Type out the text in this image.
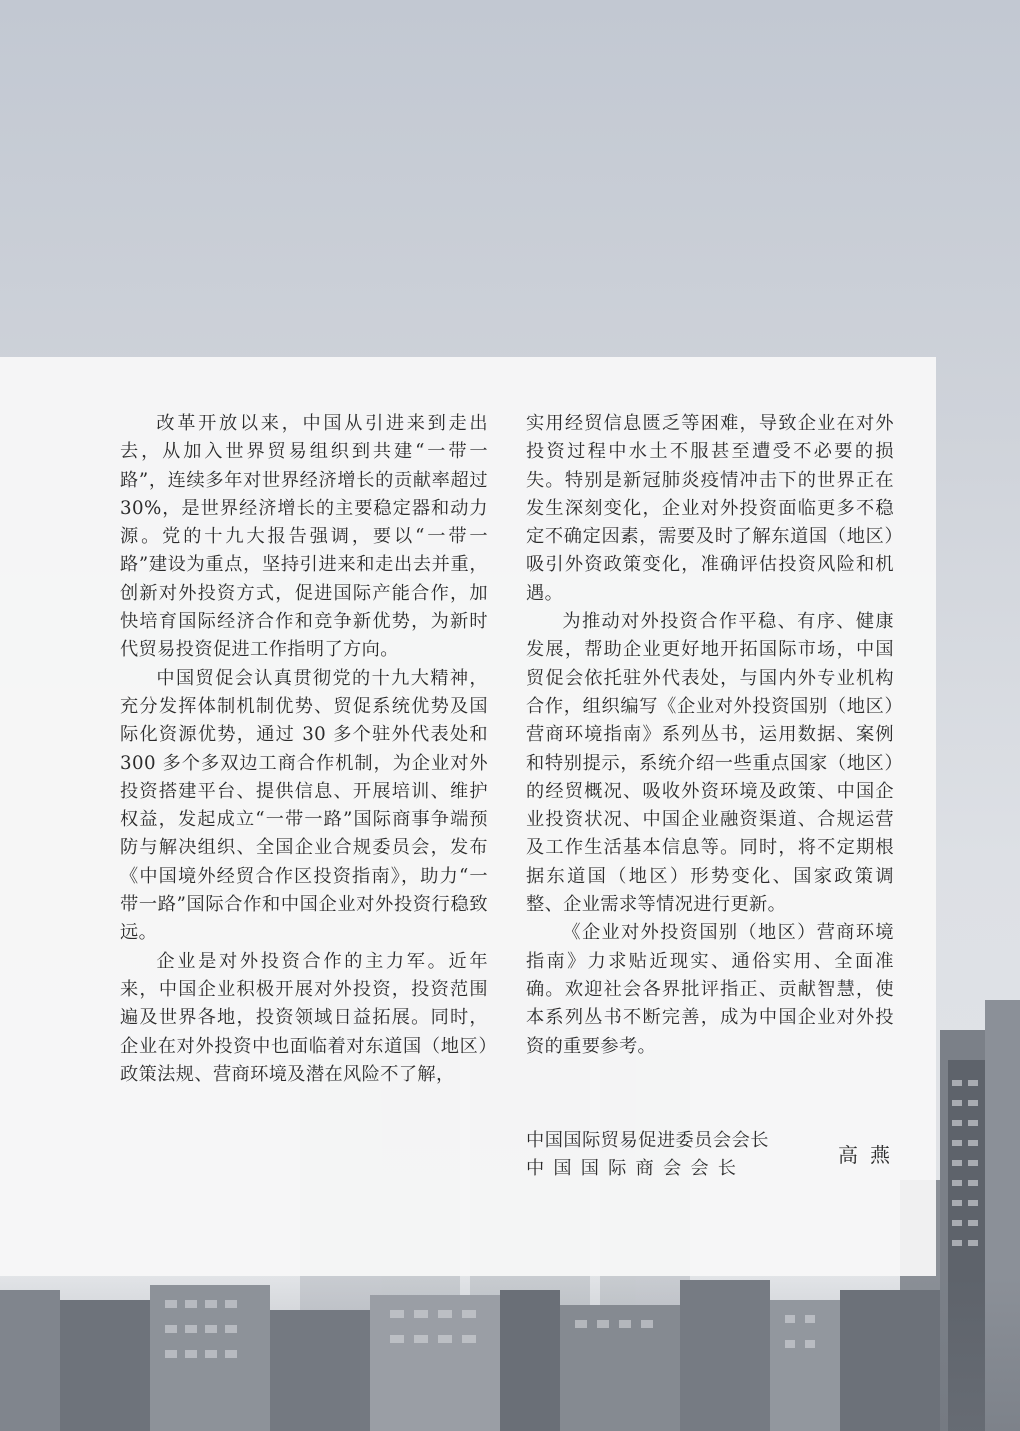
改革开放以来，中国从引进来到走出去，从加入世界贸易组织到共建“一带一路”，连续多年对世界经济增长的贡献率超过 30%，是世界经济增长的主要稳定器和动力源。党的十九大报告强调，要以“一带一路”建设为重点，坚持引进来和走出去并重，创新对外投资方式，促进国际产能合作，加快培育国际经济合作和竞争新优势，为新时代贸易投资促进工作指明了方向。

中国贸促会认真贯彻党的十九大精神，充分发挥体制机制优势、贸促系统优势及国际化资源优势，通过 30 多个驻外代表处和 300 多个多双边工商合作机制，为企业对外投资搭建平台、提供信息、开展培训、维护权益，发起成立“一带一路”国际商事争端预防与解决组织、全国企业合规委员会，发布《中国境外经贸合作区投资指南》，助力“一带一路”国际合作和中国企业对外投资行稳致远。

企业是对外投资合作的主力军。近年来，中国企业积极开展对外投资，投资范围遍及世界各地，投资领域日益拓展。同时，企业在对外投资中也面临着对东道国（地区）政策法规、营商环境及潜在风险不了解，

实用经贸信息匮乏等困难，导致企业在对外投资过程中水土不服甚至遭受不必要的损失。特别是新冠肺炎疫情冲击下的世界正在发生深刻变化，企业对外投资面临更多不稳定不确定因素，需要及时了解东道国（地区）吸引外资政策变化，准确评估投资风险和机遇。

为推动对外投资合作平稳、有序、健康发展，帮助企业更好地开拓国际市场，中国贸促会依托驻外代表处，与国内外专业机构合作，组织编写《企业对外投资国别（地区）营商环境指南》系列丛书，运用数据、案例和特别提示，系统介绍一些重点国家（地区）的经贸概况、吸收外资环境及政策、中国企业投资状况、中国企业融资渠道、合规运营及工作生活基本信息等。同时，将不定期根据东道国（地区）形势变化、国家政策调整、企业需求等情况进行更新。

《企业对外投资国别（地区）营商环境指南》力求贴近现实、通俗实用、全面准确。欢迎社会各界批评指正、贡献智慧，使本系列丛书不断完善，成为中国企业对外投资的重要参考。

中国国际贸易促进委员会会长
中国国际商会会长
高燕
